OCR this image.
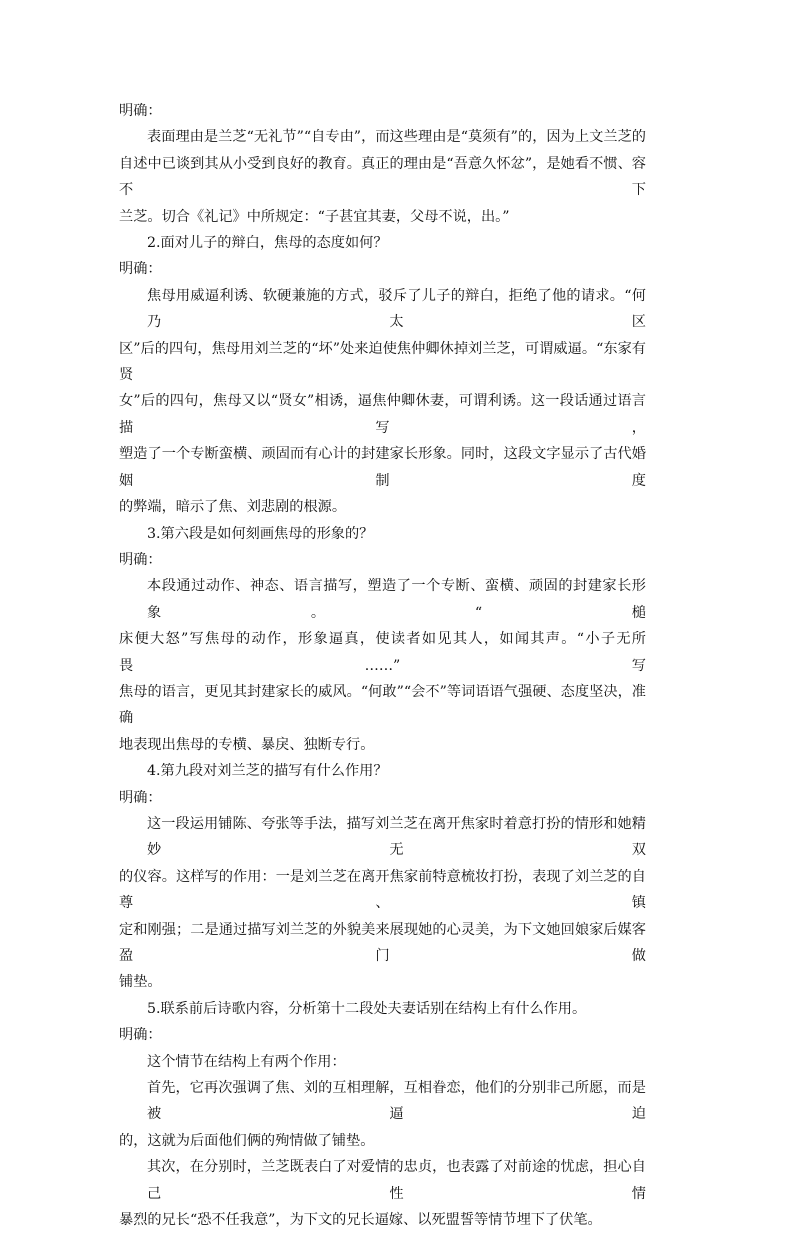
明确：

表面理由是兰芝“无礼节”“自专由”，而这些理由是“莫须有”的，因为上文兰芝的

自述中已谈到其从小受到良好的教育。真正的理由是“吾意久怀忿”，是她看不惯、容不下

兰芝。切合《礼记》中所规定：“子甚宜其妻，父母不说，出。”

2.面对儿子的辩白，焦母的态度如何？

明确：

焦母用威逼利诱、软硬兼施的方式，驳斥了儿子的辩白，拒绝了他的请求。“何乃太区

区”后的四句，焦母用刘兰芝的“坏”处来迫使焦仲卿休掉刘兰芝，可谓威逼。“东家有贤

女”后的四句，焦母又以“贤女”相诱，逼焦仲卿休妻，可谓利诱。这一段话通过语言描写，

塑造了一个专断蛮横、顽固而有心计的封建家长形象。同时，这段文字显示了古代婚姻制度

的弊端，暗示了焦、刘悲剧的根源。

3.第六段是如何刻画焦母的形象的？

明确：

本段通过动作、神态、语言描写，塑造了一个专断、蛮横、顽固的封建家长形象。“槌

床便大怒”写焦母的动作，形象逼真，使读者如见其人，如闻其声。“小子无所畏……”写

焦母的语言，更见其封建家长的威风。“何敢”“会不”等词语语气强硬、态度坚决，准确

地表现出焦母的专横、暴戾、独断专行。

4.第九段对刘兰芝的描写有什么作用？

明确：

这一段运用铺陈、夸张等手法，描写刘兰芝在离开焦家时着意打扮的情形和她精妙无双

的仪容。这样写的作用：一是刘兰芝在离开焦家前特意梳妆打扮，表现了刘兰芝的自尊、镇

定和刚强；二是通过描写刘兰芝的外貌美来展现她的心灵美，为下文她回娘家后媒客盈门做

铺垫。

5.联系前后诗歌内容，分析第十二段处夫妻话别在结构上有什么作用。

明确：

这个情节在结构上有两个作用：

首先，它再次强调了焦、刘的互相理解，互相眷恋，他们的分别非己所愿，而是被逼迫

的，这就为后面他们俩的殉情做了铺垫。

其次，在分别时，兰芝既表白了对爱情的忠贞，也表露了对前途的忧虑，担心自己性情

暴烈的兄长“恐不任我意”，为下文的兄长逼嫁、以死盟誓等情节埋下了伏笔。
